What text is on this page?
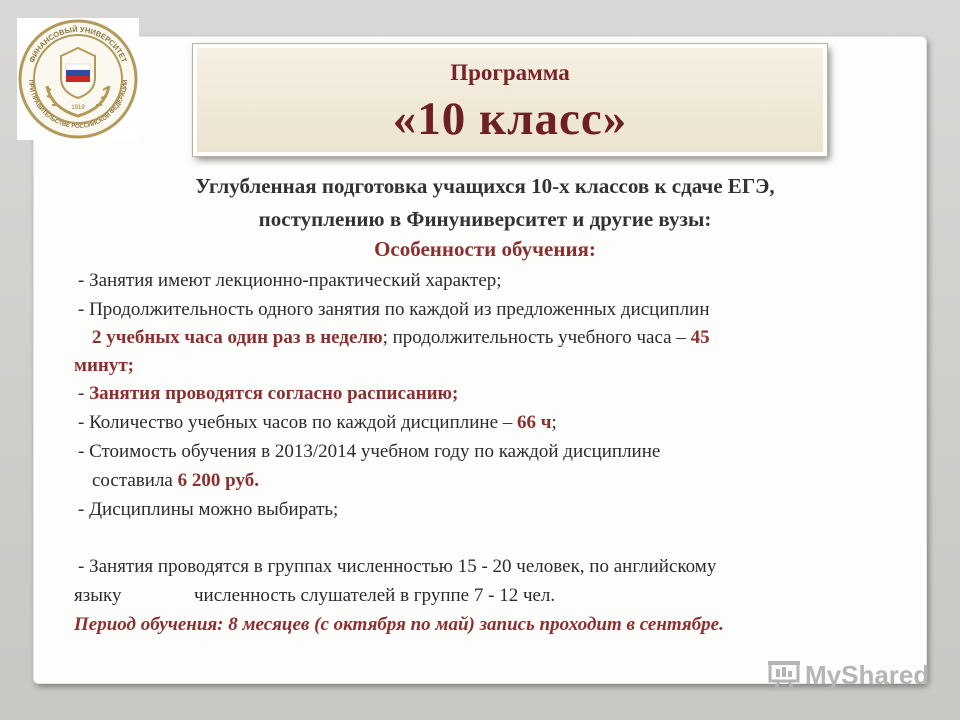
ФИНАНСОВЫЙ УНИВЕРСИТЕТ
ПРИ ПРАВИТЕЛЬСТВЕ РОССИЙСКОЙ ФЕДЕРАЦИИ
1919
Программа
«10 класс»
Углубленная подготовка учащихся 10-х классов к сдаче ЕГЭ,
поступлению в Финуниверситет и другие вузы:
Особенности обучения:
- Занятия имеют лекционно-практический характер;
- Продолжительность одного занятия по каждой из предложенных дисциплин
2 учебных часа один раз в неделю; продолжительность учебного часа – 45
минут;
- Занятия проводятся согласно расписанию;
- Количество учебных часов по каждой дисциплине – 66 ч;
- Стоимость обучения в 2013/2014 учебном году по каждой дисциплине
составила 6 200 руб.
- Дисциплины можно выбирать;
- Занятия проводятся в группах численностью 15 - 20 человек, по английскому
языку	численность слушателей в группе 7 - 12 чел.
Период обучения: 8 месяцев (с октября по май) запись проходит в сентябре.
MyShared
